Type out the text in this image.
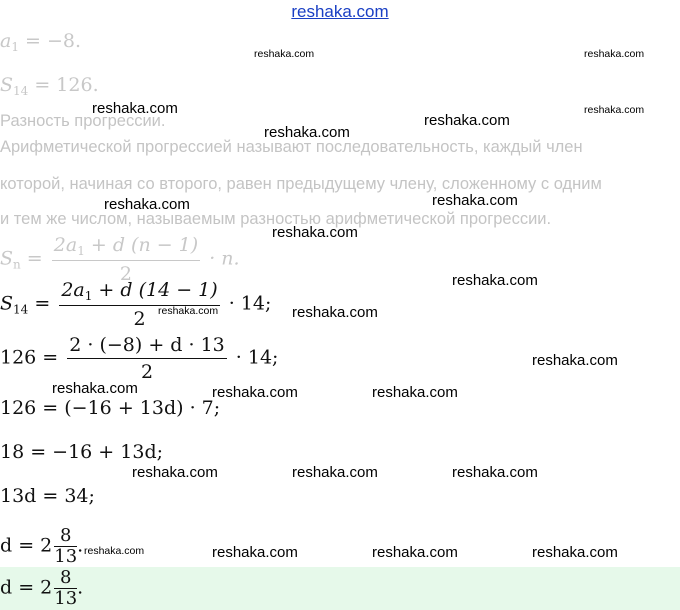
reshaka.com
$a_1 = -8$.
$S_{14} = 126$.
Разность прогрессии.
Арифметической прогрессией называют последовательность, каждый член
которой, начиная со второго, равен предыдущему члену, сложенному с одним
и тем же числом, называемым разностью арифметической прогрессии.
$S_n = \frac{2a_1 + d (n - 1)}{2} \cdot n$.
$S_{14} = \frac{2a_1 + d (14 - 1)}{2} \cdot 14$;
$126 = \frac{2 \cdot (-8) + d \cdot 13}{2} \cdot 14$;
126 = (−16 + 13d) · 7;
18 = −16 + 13d;
13d = 34;
$d = 2 \frac{8}{13}$.
$d = 2 \frac{8}{13}$.
reshaka.com	reshaka.com
reshaka.com	reshaka.com
reshaka.com
reshaka.com
reshaka.com
reshaka.com
reshaka.com
reshaka.com
reshaka.com
reshaka.com
reshaka.com
reshaka.com	reshaka.com	reshaka.com
reshaka.com	reshaka.com	reshaka.com
reshaka.com	reshaka.com	reshaka.com	reshaka.com
